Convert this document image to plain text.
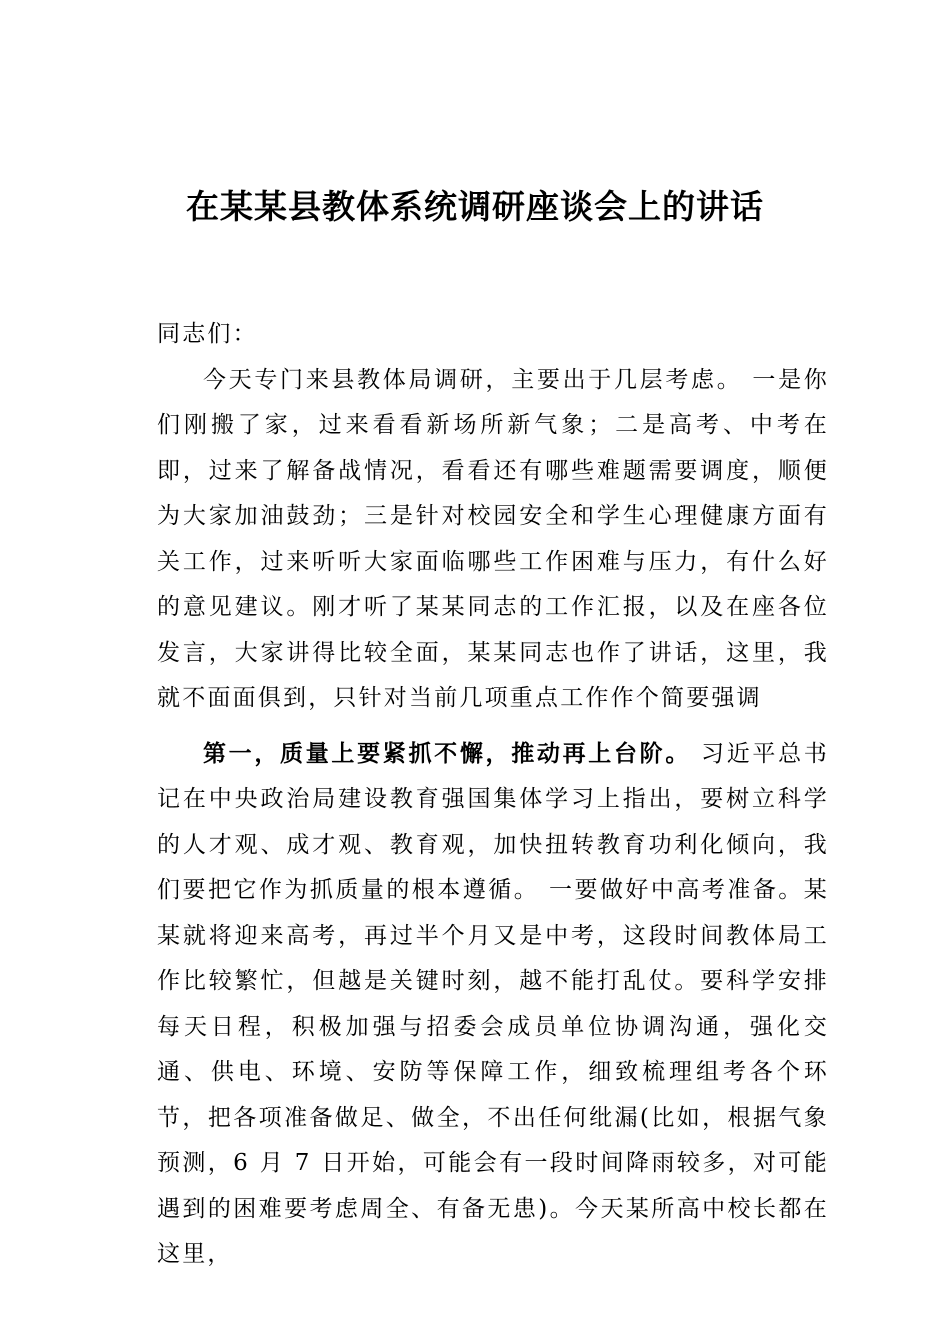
在某某县教体系统调研座谈会上的讲话

同志们：

今天专门来县教体局调研，主要出于几层考虑。 一是你们刚搬了家，过来看看新场所新气象；二是高考、中考在即，过来了解备战情况，看看还有哪些难题需要调度，顺便为大家加油鼓劲；三是针对校园安全和学生心理健康方面有关工作，过来听听大家面临哪些工作困难与压力，有什么好的意见建议。刚才听了某某同志的工作汇报，以及在座各位发言，大家讲得比较全面，某某同志也作了讲话，这里，我就不面面俱到，只针对当前几项重点工作作个简要强调

第一，质量上要紧抓不懈，推动再上台阶。 习近平总书记在中央政治局建设教育强国集体学习上指出，要树立科学的人才观、成才观、教育观，加快扭转教育功利化倾向，我们要把它作为抓质量的根本遵循。 一要做好中高考准备。某某就将迎来高考，再过半个月又是中考，这段时间教体局工作比较繁忙，但越是关键时刻，越不能打乱仗。要科学安排每天日程，积极加强与招委会成员单位协调沟通，强化交通、供电、环境、安防等保障工作，细致梳理组考各个环节，把各项准备做足、做全，不出任何纰漏(比如，根据气象预测，6 月 7 日开始，可能会有一段时间降雨较多，对可能遇到的困难要考虑周全、有备无患)。今天某所高中校长都在这里，
